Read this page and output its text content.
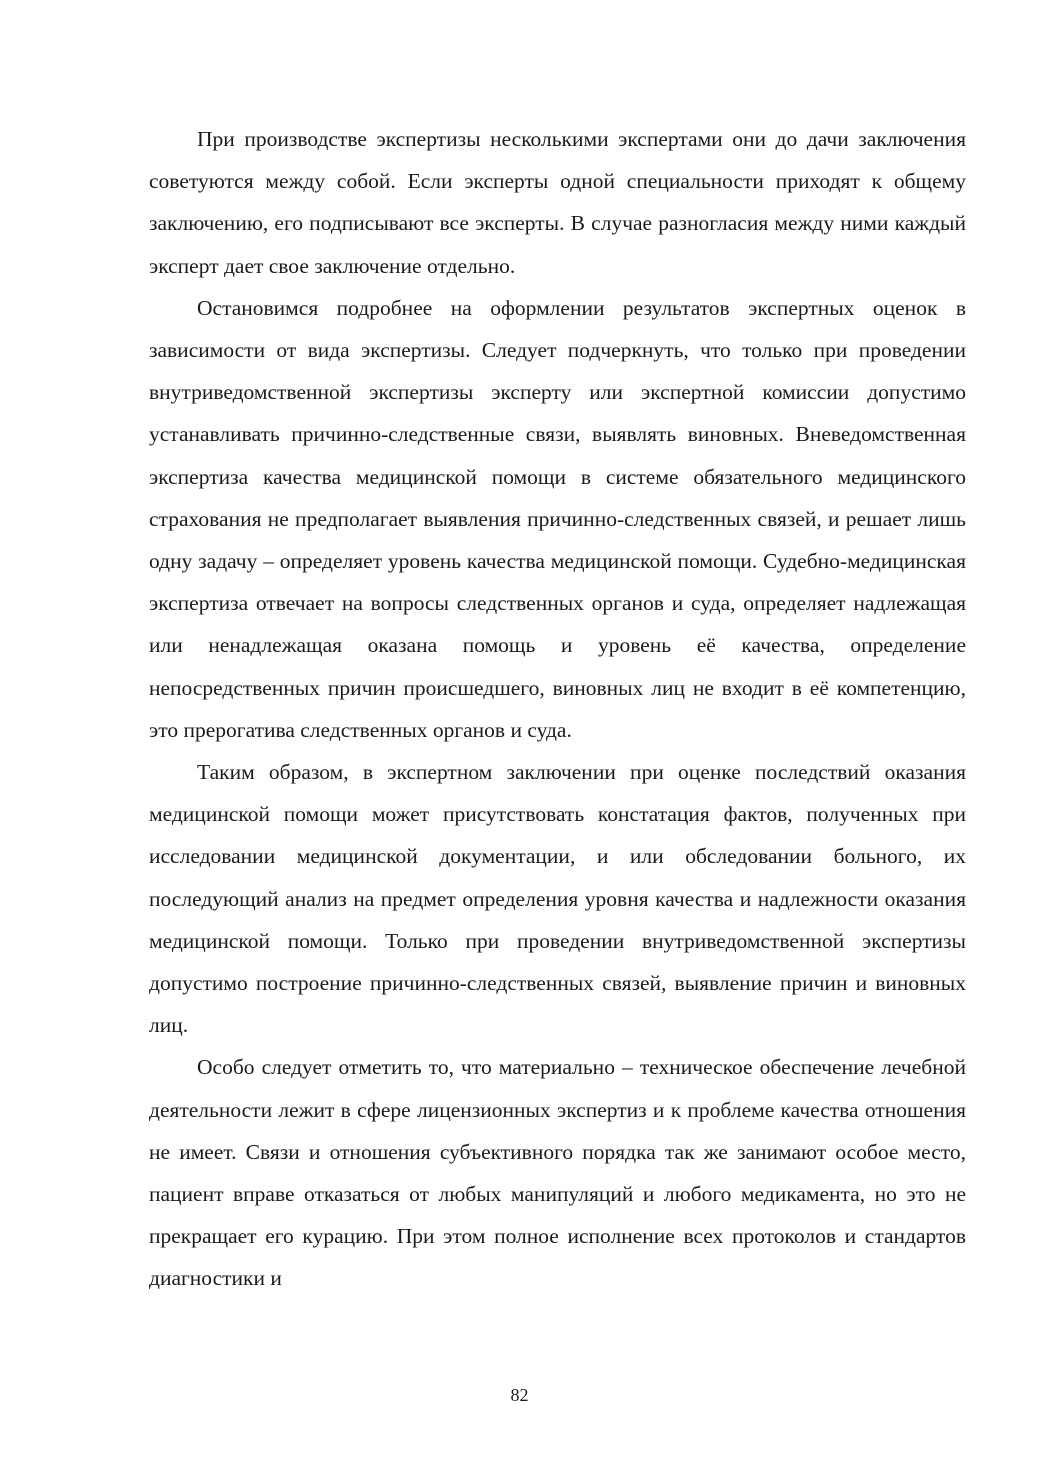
При производстве экспертизы несколькими экспертами они до дачи заключения советуются между собой. Если эксперты одной специальности приходят к общему заключению, его подписывают все эксперты. В случае разногласия между ними каждый эксперт дает свое заключение отдельно.

Остановимся подробнее на оформлении результатов экспертных оценок в зависимости от вида экспертизы. Следует подчеркнуть, что только при проведении внутриведомственной экспертизы эксперту или экспертной комиссии допустимо устанавливать причинно-следственные связи, выявлять виновных. Вневедомственная экспертиза качества медицинской помощи в системе обязательного медицинского страхования не предполагает выявления причинно-следственных связей, и решает лишь одну задачу – определяет уровень качества медицинской помощи. Судебно-медицинская экспертиза отвечает на вопросы следственных органов и суда, определяет надлежащая или ненадлежащая оказана помощь и уровень её качества, определение непосредственных причин происшедшего, виновных лиц не входит в её компетенцию, это прерогатива следственных органов и суда.

Таким образом, в экспертном заключении при оценке последствий оказания медицинской помощи может присутствовать констатация фактов, полученных при исследовании медицинской документации, и или обследовании больного, их последующий анализ на предмет определения уровня качества и надлежности оказания медицинской помощи. Только при проведении внутриведомственной экспертизы допустимо построение причинно-следственных связей, выявление причин и виновных лиц.

Особо следует отметить то, что материально – техническое обеспечение лечебной деятельности лежит в сфере лицензионных экспертиз и к проблеме качества отношения не имеет. Связи и отношения субъективного порядка так же занимают особое место, пациент вправе отказаться от любых манипуляций и любого медикамента, но это не прекращает его курацию. При этом полное исполнение всех протоколов и стандартов диагностики и

82
